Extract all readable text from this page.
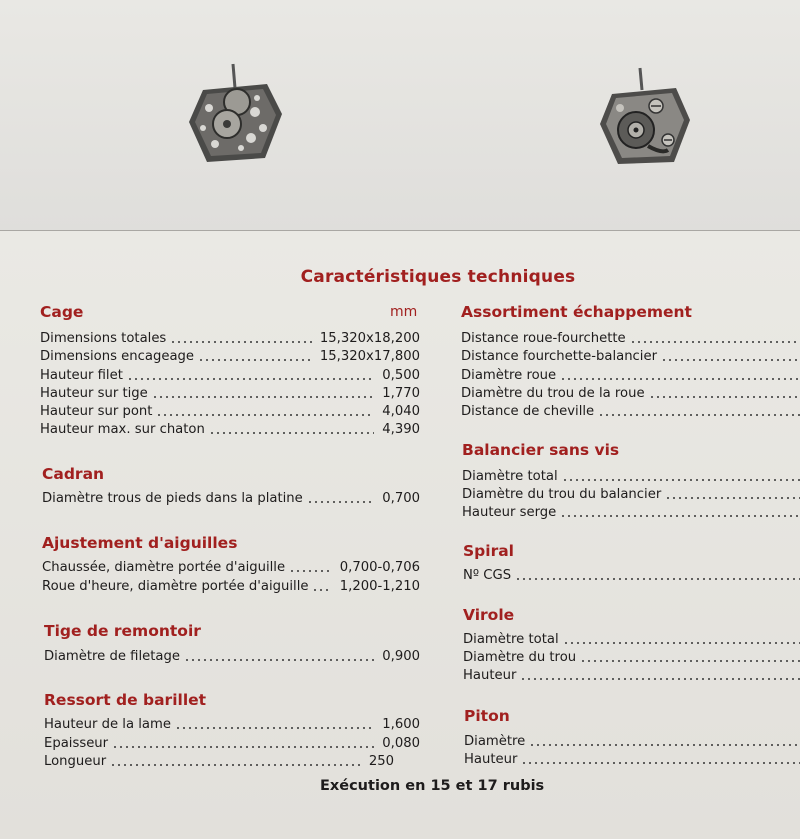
Caractéristiques techniques
Cage	mm
Dimensions totales	15,320x18,200
Dimensions encageage	15,320x17,800
Hauteur filet	0,500
Hauteur sur tige	1,770
Hauteur sur pont	4,040
Hauteur max. sur chaton	4,390
Cadran
Diamètre trous de pieds dans la platine	0,700
Ajustement d'aiguilles
Chaussée, diamètre portée d'aiguille	0,700-0,706
Roue d'heure, diamètre portée d'aiguille	1,200-1,210
Tige de remontoir
Diamètre de filetage	0,900
Ressort de barillet
Hauteur de la lame	1,600
Epaisseur	0,080
Longueur	250
Assortiment échappement
Distance roue-fourchette
Distance fourchette-balancier
Diamètre roue
Diamètre du trou de la roue
Distance de cheville
Balancier sans vis
Diamètre total
Diamètre du trou du balancier
Hauteur serge
Spiral
Nº CGS
Virole
Diamètre total
Diamètre du trou
Hauteur
Piton
Diamètre
Hauteur
Exécution en 15 et 17 rubis
